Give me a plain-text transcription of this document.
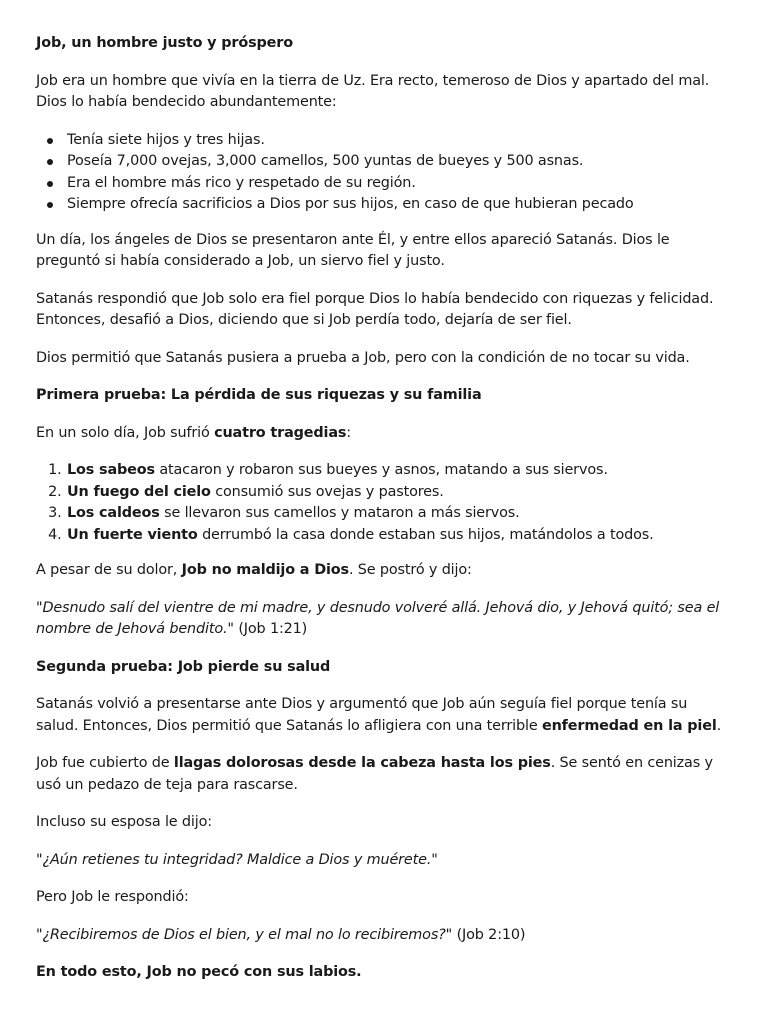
Job, un hombre justo y próspero

Job era un hombre que vivía en la tierra de Uz. Era recto, temeroso de Dios y apartado del mal. Dios lo había bendecido abundantemente:

Tenía siete hijos y tres hijas.
Poseía 7,000 ovejas, 3,000 camellos, 500 yuntas de bueyes y 500 asnas.
Era el hombre más rico y respetado de su región.
Siempre ofrecía sacrificios a Dios por sus hijos, en caso de que hubieran pecado

Un día, los ángeles de Dios se presentaron ante Él, y entre ellos apareció Satanás. Dios le preguntó si había considerado a Job, un siervo fiel y justo.

Satanás respondió que Job solo era fiel porque Dios lo había bendecido con riquezas y felicidad. Entonces, desafió a Dios, diciendo que si Job perdía todo, dejaría de ser fiel.

Dios permitió que Satanás pusiera a prueba a Job, pero con la condición de no tocar su vida.

Primera prueba: La pérdida de sus riquezas y su familia

En un solo día, Job sufrió cuatro tragedias:

1. Los sabeos atacaron y robaron sus bueyes y asnos, matando a sus siervos.
2. Un fuego del cielo consumió sus ovejas y pastores.
3. Los caldeos se llevaron sus camellos y mataron a más siervos.
4. Un fuerte viento derrumbó la casa donde estaban sus hijos, matándolos a todos.

A pesar de su dolor, Job no maldijo a Dios. Se postró y dijo:

"Desnudo salí del vientre de mi madre, y desnudo volveré allá. Jehová dio, y Jehová quitó; sea el nombre de Jehová bendito." (Job 1:21)

Segunda prueba: Job pierde su salud

Satanás volvió a presentarse ante Dios y argumentó que Job aún seguía fiel porque tenía su salud. Entonces, Dios permitió que Satanás lo afligiera con una terrible enfermedad en la piel.

Job fue cubierto de llagas dolorosas desde la cabeza hasta los pies. Se sentó en cenizas y usó un pedazo de teja para rascarse.

Incluso su esposa le dijo:

"¿Aún retienes tu integridad? Maldice a Dios y muérete."

Pero Job le respondió:

"¿Recibiremos de Dios el bien, y el mal no lo recibiremos?" (Job 2:10)

En todo esto, Job no pecó con sus labios.
